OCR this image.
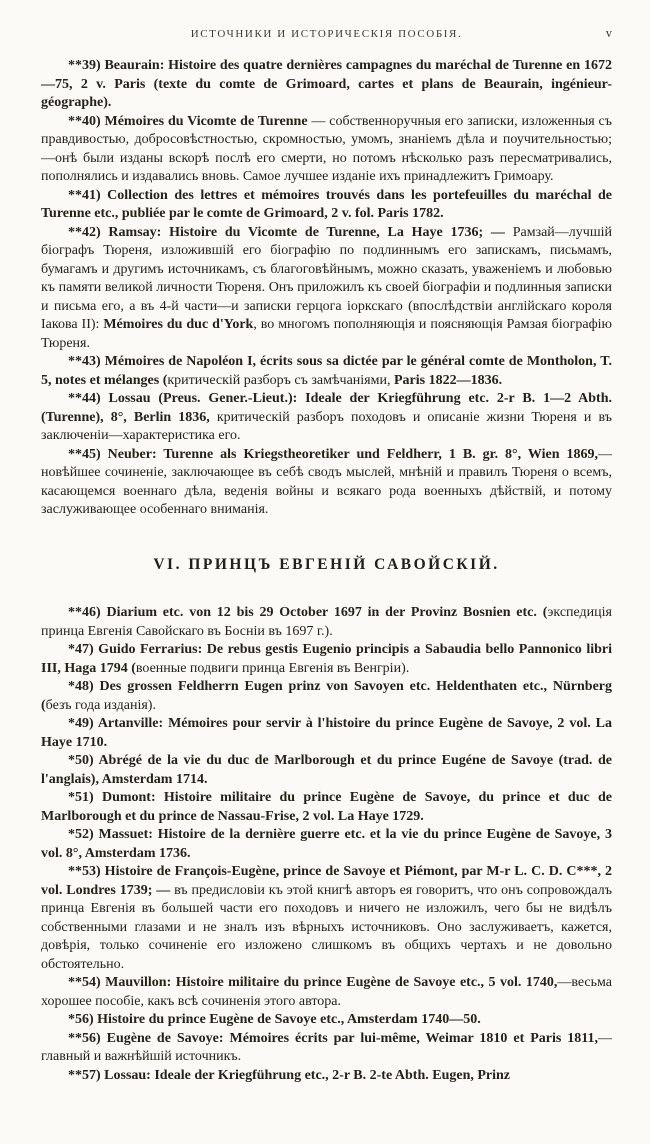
ИСТОЧНИКИ И ИСТОРИЧЕСКІЯ ПОСОБІЯ.	v

**39) Beaurain: Histoire des quatre dernières campagnes du maréchal de Turenne en 1672—75, 2 v. Paris (texte du comte de Grimoard, cartes et plans de Beaurain, ingénieur-géographe).

**40) Mémoires du Vicomte de Turenne — собственноручныя его записки, изложенныя съ правдивостью, добросовѣстностью, скромностью, умомъ, знаніемъ дѣла и поучительностью;—онѣ были изданы вскорѣ послѣ его смерти, но потомъ нѣсколько разъ пересматривались, пополнялись и издавались вновь. Самое лучшее изданіе ихъ принадлежитъ Гримоару.

**41) Collection des lettres et mémoires trouvés dans les portefeuilles du maréchal de Turenne etc., publiée par le comte de Grimoard, 2 v. fol. Paris 1782.

**42) Ramsay: Histoire du Vicomte de Turenne, La Haye 1736; — Рамзай—лучшій біографъ Тюреня, изложившій его біографію по подлиннымъ его запискамъ, письмамъ, бумагамъ и другимъ источникамъ, съ благоговѣйнымъ, можно сказать, уваженіемъ и любовью къ памяти великой личности Тюреня. Онъ приложилъ къ своей біографіи и подлинныя записки и письма его, а въ 4-й части—и записки герцога іоркскаго (впослѣдствіи англійскаго короля Іакова II): Mémoires du duc d'York, во многомъ пополняющія и поясняющія Рамзая біографію Тюреня.

**43) Mémoires de Napoléon I, écrits sous sa dictée par le général comte de Montholon, T. 5, notes et mélanges (критическій разборъ съ замѣчаніями, Paris 1822—1836.

**44) Lossau (Preus. Gener.-Lieut.): Ideale der Kriegführung etc. 2-r B. 1—2 Abth. (Turenne), 8°, Berlin 1836, критическій разборъ походовъ и описаніе жизни Тюреня и въ заключеніи—характеристика его.

**45) Neuber: Turenne als Kriegstheoretiker und Feldherr, 1 B. gr. 8°, Wien 1869,—новѣйшее сочиненіе, заключающее въ себѣ сводъ мыслей, мнѣній и правилъ Тюреня о всемъ, касающемся военнаго дѣла, веденія войны и всякаго рода военныхъ дѣйствій, и потому заслуживающее особеннаго вниманія.

VI. ПРИНЦЪ ЕВГЕНІЙ САВОЙСКІЙ.

**46) Diarium etc. von 12 bis 29 October 1697 in der Provinz Bosnien etc. (экспедиція принца Евгенія Савойскаго въ Босніи въ 1697 г.).

*47) Guido Ferrarius: De rebus gestis Eugenio principis a Sabaudia bello Pannonico libri III, Haga 1794 (военные подвиги принца Евгенія въ Венгріи).

*48) Des grossen Feldherrn Eugen prinz von Savoyen etc. Heldenthaten etc., Nürnberg (безъ года изданія).

*49) Artanville: Mémoires pour servir à l'histoire du prince Eugène de Savoye, 2 vol. La Haye 1710.

*50) Abrégé de la vie du duc de Marlborough et du prince Eugéne de Savoye (trad. de l'anglais), Amsterdam 1714.

*51) Dumont: Histoire militaire du prince Eugène de Savoye, du prince et duc de Marlborough et du prince de Nassau-Frise, 2 vol. La Haye 1729.

*52) Massuet: Histoire de la dernière guerre etc. et la vie du prince Eugène de Savoye, 3 vol. 8°, Amsterdam 1736.

**53) Histoire de François-Eugène, prince de Savoye et Piémont, par M-r L. C. D. C***, 2 vol. Londres 1739; — въ предисловіи къ этой книгѣ авторъ ея говоритъ, что онъ сопровождалъ принца Евгенія въ большей части его походовъ и ничего не изложилъ, чего бы не видѣлъ собственными глазами и не зналъ изъ вѣрныхъ источниковъ. Оно заслуживаетъ, кажется, довѣрія, только сочиненіе его изложено слишкомъ въ общихъ чертахъ и не довольно обстоятельно.

**54) Mauvillon: Histoire militaire du prince Eugène de Savoye etc., 5 vol. 1740,—весьма хорошее пособіе, какъ всѣ сочиненія этого автора.

*56) Histoire du prince Eugène de Savoye etc., Amsterdam 1740—50.

**56) Eugène de Savoye: Mémoires écrits par lui-même, Weimar 1810 et Paris 1811,—главный и важнѣйшій источникъ.

**57) Lossau: Ideale der Kriegführung etc., 2-r B. 2-te Abth. Eugen, Prinz
